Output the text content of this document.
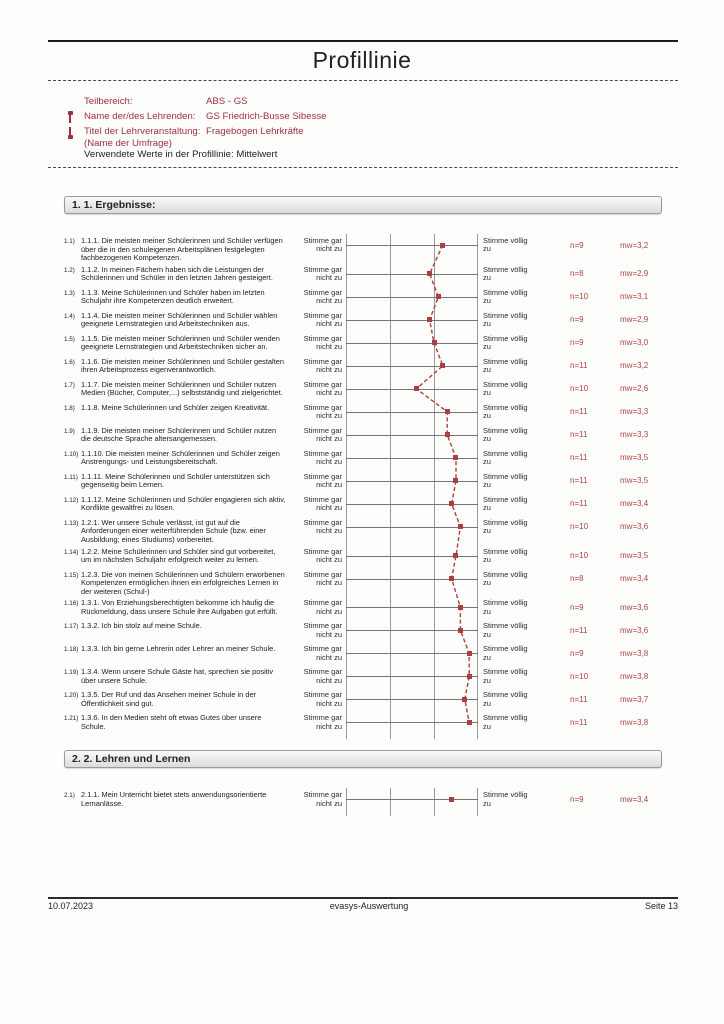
Profillinie
Teilbereich:	ABS - GS
Name der/des Lehrenden:	GS Friedrich-Busse Sibesse
Titel der Lehrveranstaltung:
(Name der Umfrage)
Fragebogen Lehrkräfte
Verwendete Werte in der Profillinie: Mittelwert
1. 1. Ergebnisse:
1.1) 1.1.1. Die meisten meiner Schülerinnen und Schüler verfügen über die in den schuleigenen Arbeitsplänen festgelegten fachbezogenen Kompetenzen.
Stimme gar
nicht zu
Stimme völlig
zu	n=9	mw=3,2
1.2) 1.1.2. In meinen Fächern haben sich die Leistungen der Schülerinnen und Schüler in den letzten Jahren gesteigert.
Stimme gar
nicht zu
Stimme völlig
zu	n=8	mw=2,9
1.3) 1.1.3. Meine Schülerinnen und Schüler haben im letzten Schuljahr ihre Kompetenzen deutlich erweitert.
Stimme gar
nicht zu
Stimme völlig
zu	n=10	mw=3,1
1.4) 1.1.4. Die meisten meiner Schülerinnen und Schüler wählen geeignete Lernstrategien und Arbeitstechniken aus.
Stimme gar
nicht zu
Stimme völlig
zu	n=9	mw=2,9
1.5) 1.1.5. Die meisten meiner Schülerinnen und Schüler wenden geeignete Lernstrategien und Arbeitstechniken sicher an.
Stimme gar
nicht zu
Stimme völlig
zu	n=9	mw=3,0
1.6) 1.1.6. Die meisten meiner Schülerinnen und Schüler gestalten ihren Arbeitsprozess eigenverantwortlich.
Stimme gar
nicht zu
Stimme völlig
zu	n=11	mw=3,2
1.7) 1.1.7. Die meisten meiner Schülerinnen und Schüler nutzen Medien (Bücher, Computer,...) selbstständig und zielgerichtet.
Stimme gar
nicht zu
Stimme völlig
zu	n=10	mw=2,6
1.8) 1.1.8. Meine Schülerinnen und Schüler zeigen Kreativität.	Stimme gar
nicht zu
Stimme völlig
zu	n=11	mw=3,3
1.9) 1.1.9. Die meisten meiner Schülerinnen und Schüler nutzen die deutsche Sprache altersangemessen.
Stimme gar
nicht zu
Stimme völlig
zu	n=11	mw=3,3
1.10) 1.1.10. Die meisten meiner Schülerinnen und Schüler zeigen Anstrengungs- und Leistungsbereitschaft.
Stimme gar
nicht zu
Stimme völlig
zu	n=11	mw=3,5
1.11) 1.1.11. Meine Schülerinnen und Schüler unterstützen sich gegenseitig beim Lernen.
Stimme gar
nicht zu
Stimme völlig
zu	n=11	mw=3,5
1.12) 1.1.12. Meine Schülerinnen und Schüler engagieren sich aktiv, Konflikte gewaltfrei zu lösen.
Stimme gar
nicht zu
Stimme völlig
zu	n=11	mw=3,4
1.13) 1.2.1. Wer unsere Schule verlässt, ist gut auf die Anforderungen einer weiterführenden Schule (bzw. einer Ausbildung; eines Studiums) vorbereitet.
Stimme gar
nicht zu
Stimme völlig
zu	n=10	mw=3,6
1.14) 1.2.2. Meine Schülerinnen und Schüler sind gut vorbereitet, um im nächsten Schuljahr erfolgreich weiter zu lernen.
Stimme gar
nicht zu
Stimme völlig
zu	n=10	mw=3,5
1.15) 1.2.3. Die von meinen Schülerinnen und Schülern erworbenen Kompetenzen ermöglichen ihnen ein erfolgreiches Lernen in der weiteren (Schul-)
Stimme gar
nicht zu
Stimme völlig
zu	n=8	mw=3,4
1.16) 1.3.1. Von Erziehungsberechtigten bekomme ich häufig die Rückmeldung, dass unsere Schule ihre Aufgaben gut erfüllt.
Stimme gar
nicht zu
Stimme völlig
zu	n=9	mw=3,6
1.17) 1.3.2. Ich bin stolz auf meine Schule.	Stimme gar
nicht zu
Stimme völlig
zu	n=11	mw=3,6
1.18) 1.3.3. Ich bin gerne Lehrerin oder Lehrer an meiner Schule.	Stimme gar
nicht zu
Stimme völlig
zu	n=9	mw=3,8
1.19) 1.3.4. Wenn unsere Schule Gäste hat, sprechen sie positiv über unsere Schule.
Stimme gar
nicht zu
Stimme völlig
zu	n=10	mw=3,8
1.20) 1.3.5. Der Ruf und das Ansehen meiner Schule in der Öffentlichkeit sind gut.
Stimme gar
nicht zu
Stimme völlig
zu	n=11	mw=3,7
1.21) 1.3.6. In den Medien steht oft etwas Gutes über unsere Schule.
Stimme gar
nicht zu
Stimme völlig
zu	n=11	mw=3,8
2. 2. Lehren und Lernen
2.1) 2.1.1. Mein Unterricht bietet stets anwendungsorientierte Lernanlässe.
Stimme gar
nicht zu
Stimme völlig
zu	n=9	mw=3,4
10.07.2023	evasys-Auswertung	Seite 13
